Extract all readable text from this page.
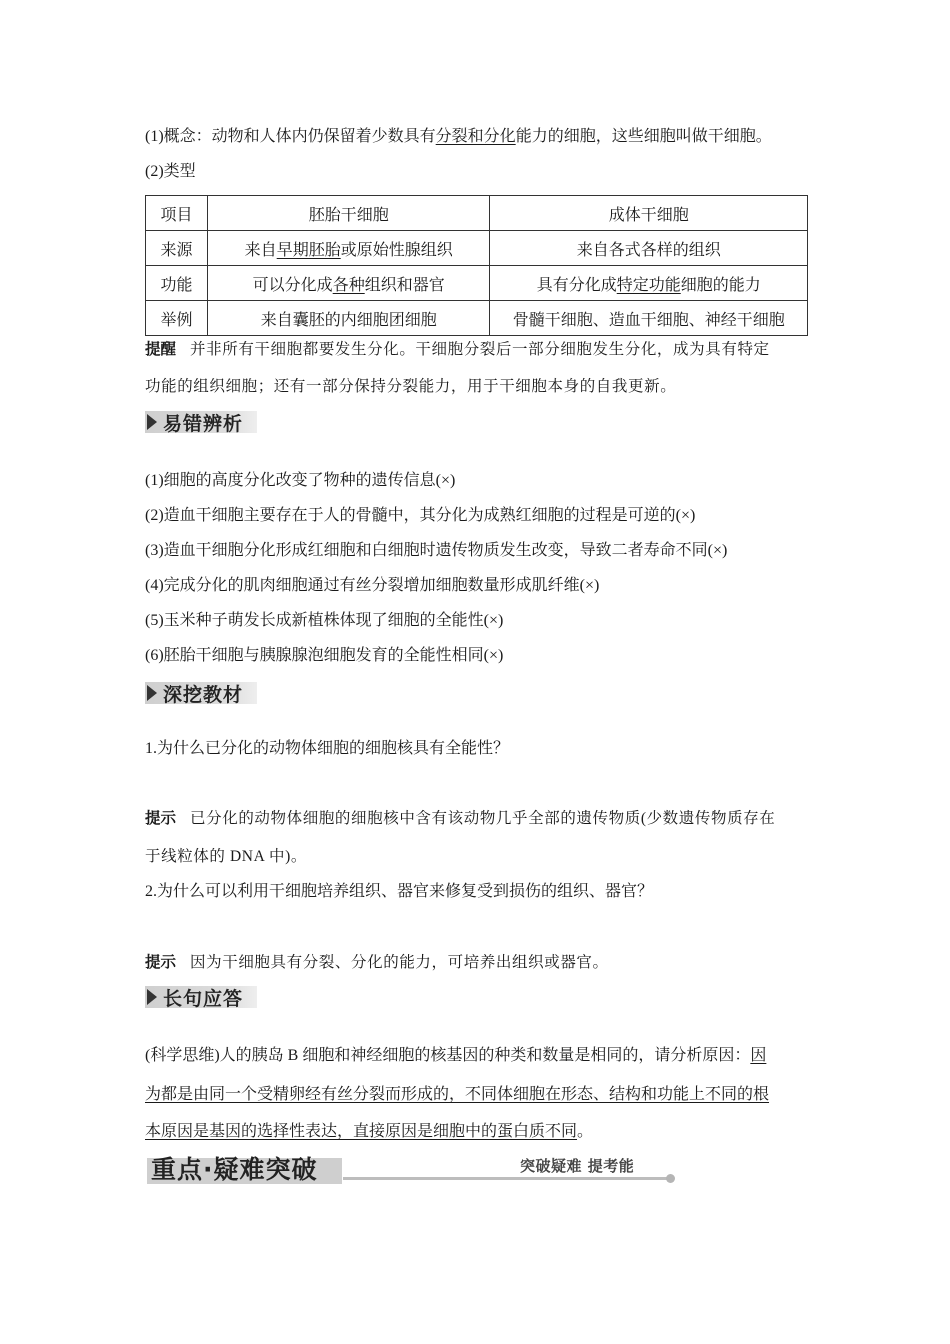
(1)概念：动物和人体内仍保留着少数具有分裂和分化能力的细胞，这些细胞叫做干细胞。
(2)类型
项目	胚胎干细胞	成体干细胞
来源	来自早期胚胎或原始性腺组织	来自各式各样的组织
功能	可以分化成各种组织和器官	具有分化成特定功能细胞的能力
举例	来自囊胚的内细胞团细胞	骨髓干细胞、造血干细胞、神经干细胞
提醒 并非所有干细胞都要发生分化。干细胞分裂后一部分细胞发生分化，成为具有特定
功能的组织细胞；还有一部分保持分裂能力，用于干细胞本身的自我更新。
易错辨析
(1)细胞的高度分化改变了物种的遗传信息(×)
(2)造血干细胞主要存在于人的骨髓中，其分化为成熟红细胞的过程是可逆的(×)
(3)造血干细胞分化形成红细胞和白细胞时遗传物质发生改变，导致二者寿命不同(×)
(4)完成分化的肌肉细胞通过有丝分裂增加细胞数量形成肌纤维(×)
(5)玉米种子萌发长成新植株体现了细胞的全能性(×)
(6)胚胎干细胞与胰腺腺泡细胞发育的全能性相同(×)
深挖教材
1.为什么已分化的动物体细胞的细胞核具有全能性？
提示 已分化的动物体细胞的细胞核中含有该动物几乎全部的遗传物质(少数遗传物质存在
于线粒体的 DNA 中)。
2.为什么可以利用干细胞培养组织、器官来修复受到损伤的组织、器官？
提示 因为干细胞具有分裂、分化的能力，可培养出组织或器官。
长句应答
(科学思维)人的胰岛 B 细胞和神经细胞的核基因的种类和数量是相同的，请分析原因：因
为都是由同一个受精卵经有丝分裂而形成的，不同体细胞在形态、结构和功能上不同的根
本原因是基因的选择性表达，直接原因是细胞中的蛋白质不同。
重点·疑难突破	突破疑难 提考能
